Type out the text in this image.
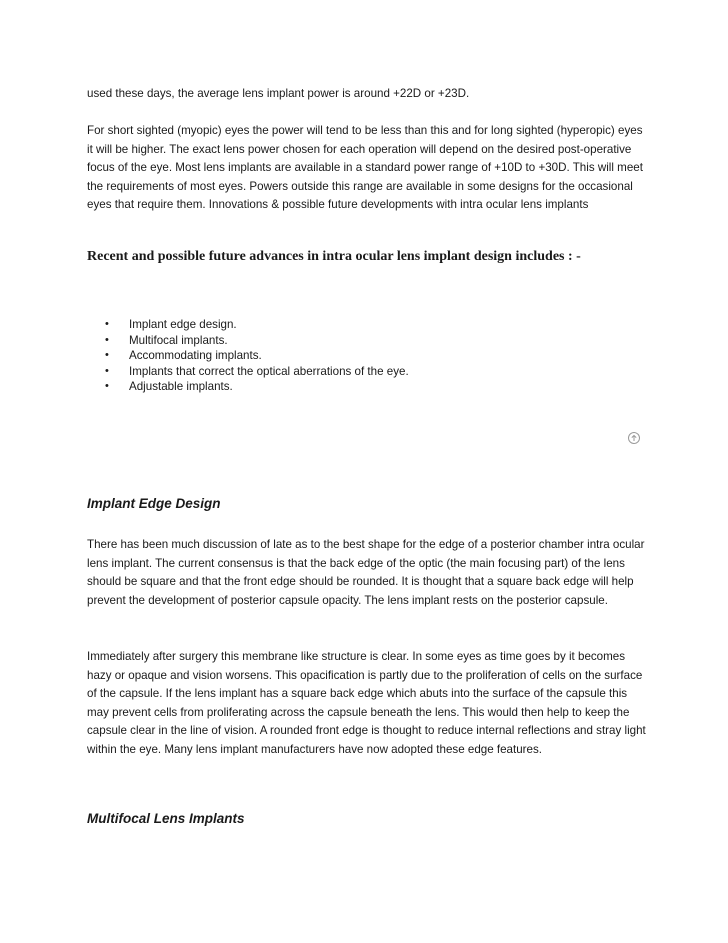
used these days, the average lens implant power is around +22D or +23D.

For short sighted (myopic) eyes the power will tend to be less than this and for long sighted (hyperopic) eyes it will be higher. The exact lens power chosen for each operation will depend on the desired post-operative focus of the eye. Most lens implants are available in a standard power range of +10D to +30D. This will meet the requirements of most eyes. Powers outside this range are available in some designs for the occasional eyes that require them. Innovations & possible future developments with intra ocular lens implants

Recent and possible future advances in intra ocular lens implant design includes : -
• Implant edge design.
• Multifocal implants.
• Accommodating implants.
• Implants that correct the optical aberrations of the eye.
• Adjustable implants.
Implant Edge Design

There has been much discussion of late as to the best shape for the edge of a posterior chamber intra ocular lens implant. The current consensus is that the back edge of the optic (the main focusing part) of the lens should be square and that the front edge should be rounded. It is thought that a square back edge will help prevent the development of posterior capsule opacity. The lens implant rests on the posterior capsule.

Immediately after surgery this membrane like structure is clear. In some eyes as time goes by it becomes hazy or opaque and vision worsens. This opacification is partly due to the proliferation of cells on the surface of the capsule. If the lens implant has a square back edge which abuts into the surface of the capsule this may prevent cells from proliferating across the capsule beneath the lens. This would then help to keep the capsule clear in the line of vision. A rounded front edge is thought to reduce internal reflections and stray light within the eye. Many lens implant manufacturers have now adopted these edge features.

Multifocal Lens Implants
